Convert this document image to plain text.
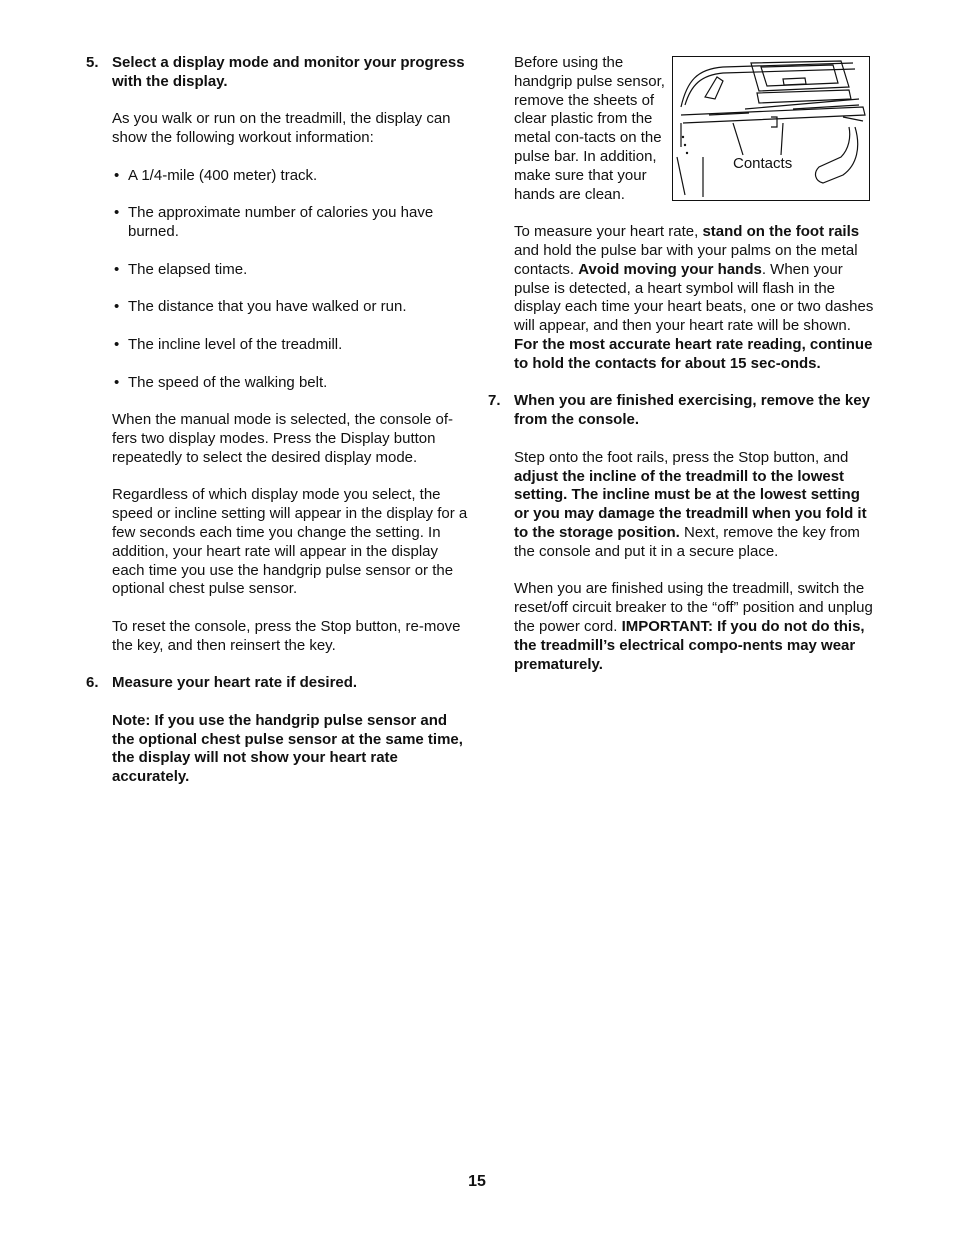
5. Select a display mode and monitor your progress with the display.

As you walk or run on the treadmill, the display can show the following workout information:

• A 1/4-mile (400 meter) track.
• The approximate number of calories you have burned.
• The elapsed time.
• The distance that you have walked or run.
• The incline level of the treadmill.
• The speed of the walking belt.

When the manual mode is selected, the console of-fers two display modes. Press the Display button repeatedly to select the desired display mode.

Regardless of which display mode you select, the speed or incline setting will appear in the display for a few seconds each time you change the setting. In addition, your heart rate will appear in the display each time you use the handgrip pulse sensor or the optional chest pulse sensor.

To reset the console, press the Stop button, re-move the key, and then reinsert the key.

6. Measure your heart rate if desired.

Note: If you use the handgrip pulse sensor and the optional chest pulse sensor at the same time, the display will not show your heart rate accurately.

Before using the handgrip pulse sensor, remove the sheets of clear plastic from the metal con-tacts on the pulse bar. In addition, make sure that your hands are clean.

Contacts

To measure your heart rate, stand on the foot rails and hold the pulse bar with your palms on the metal contacts. Avoid moving your hands. When your pulse is detected, a heart symbol will flash in the display each time your heart beats, one or two dashes will appear, and then your heart rate will be shown. For the most accurate heart rate reading, continue to hold the contacts for about 15 sec-onds.

7. When you are finished exercising, remove the key from the console.

Step onto the foot rails, press the Stop button, and adjust the incline of the treadmill to the lowest setting. The incline must be at the lowest setting or you may damage the treadmill when you fold it to the storage position. Next, remove the key from the console and put it in a secure place.

When you are finished using the treadmill, switch the reset/off circuit breaker to the “off” position and unplug the power cord. IMPORTANT: If you do not do this, the treadmill’s electrical compo-nents may wear prematurely.

15
